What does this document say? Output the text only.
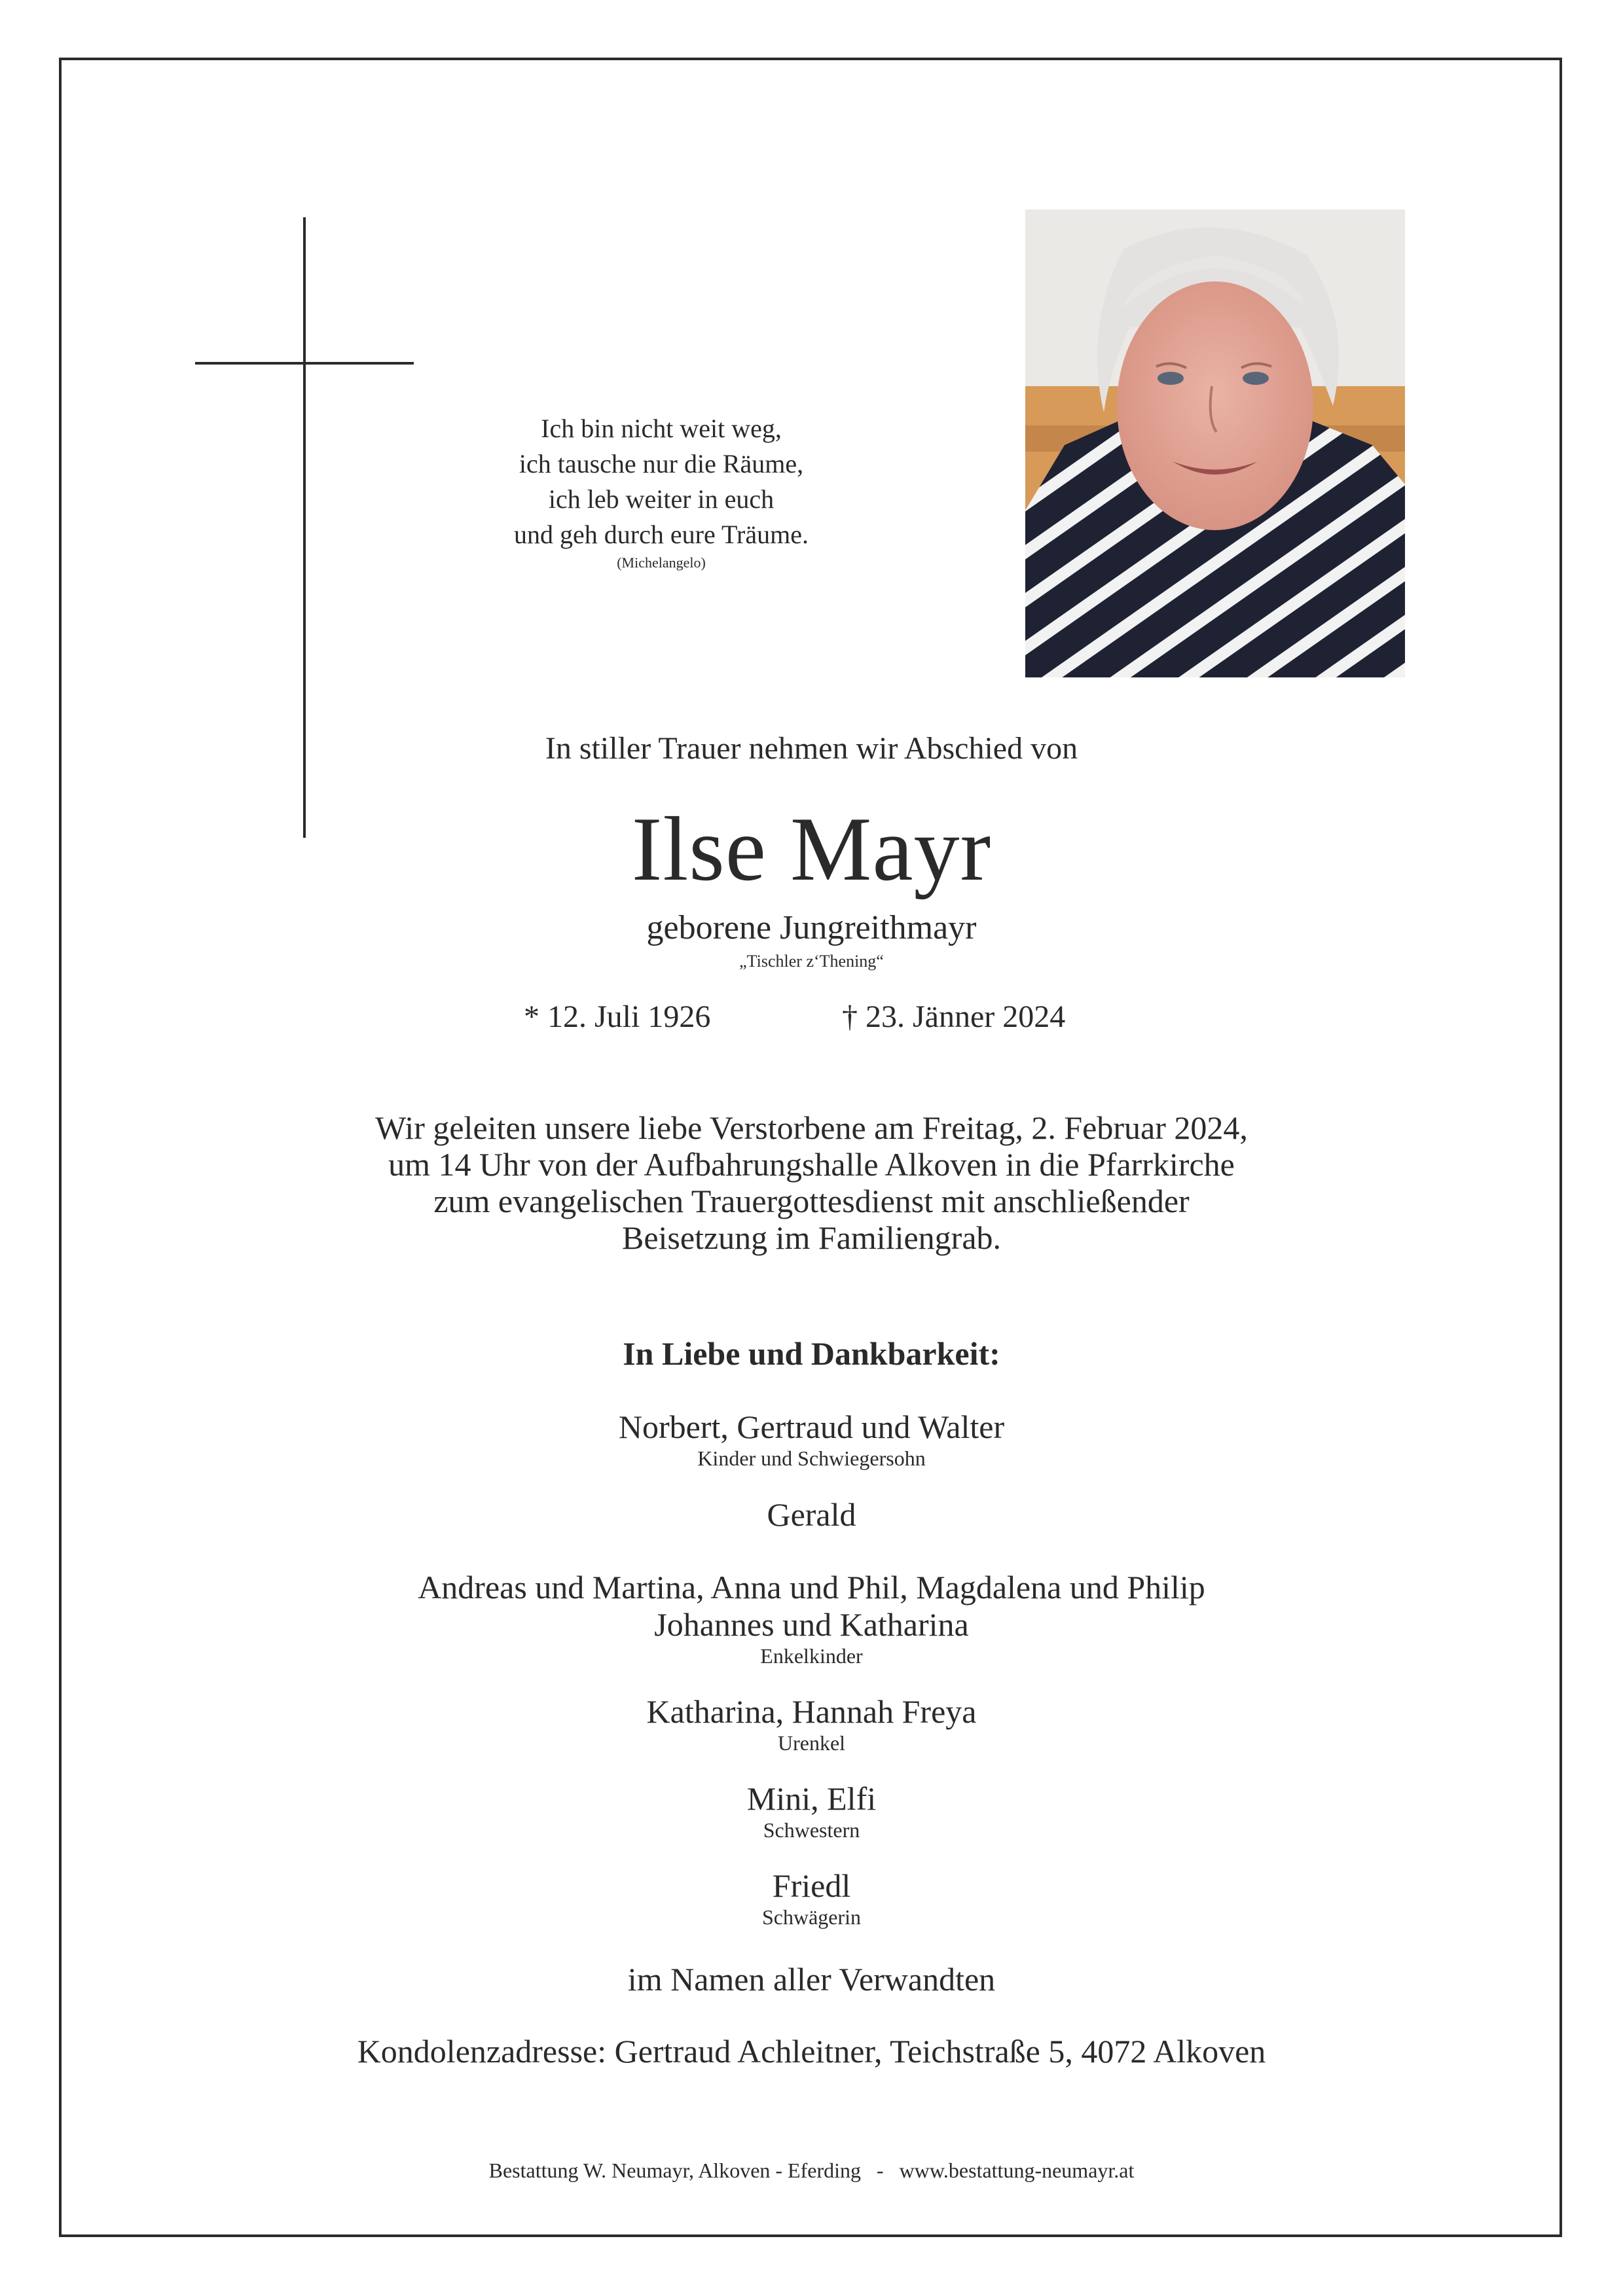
Ich bin nicht weit weg,
ich tausche nur die Räume,
ich leb weiter in euch
und geh durch eure Träume.
(Michelangelo)
In stiller Trauer nehmen wir Abschied von
Ilse Mayr
geborene Jungreithmayr
„Tischler z‘Thening“
* 12. Juli 1926	† 23. Jänner 2024
Wir geleiten unsere liebe Verstorbene am Freitag, 2. Februar 2024,
um 14 Uhr von der Aufbahrungshalle Alkoven in die Pfarrkirche
zum evangelischen Trauergottesdienst mit anschließender
Beisetzung im Familiengrab.
In Liebe und Dankbarkeit:
Norbert, Gertraud und Walter
Kinder und Schwiegersohn
Gerald
Andreas und Martina, Anna und Phil, Magdalena und Philip
Johannes und Katharina
Enkelkinder
Katharina, Hannah Freya
Urenkel
Mini, Elfi
Schwestern
Friedl
Schwägerin
im Namen aller Verwandten
Kondolenzadresse: Gertraud Achleitner, Teichstraße 5, 4072 Alkoven
Bestattung W. Neumayr, Alkoven - Eferding   -   www.bestattung-neumayr.at
